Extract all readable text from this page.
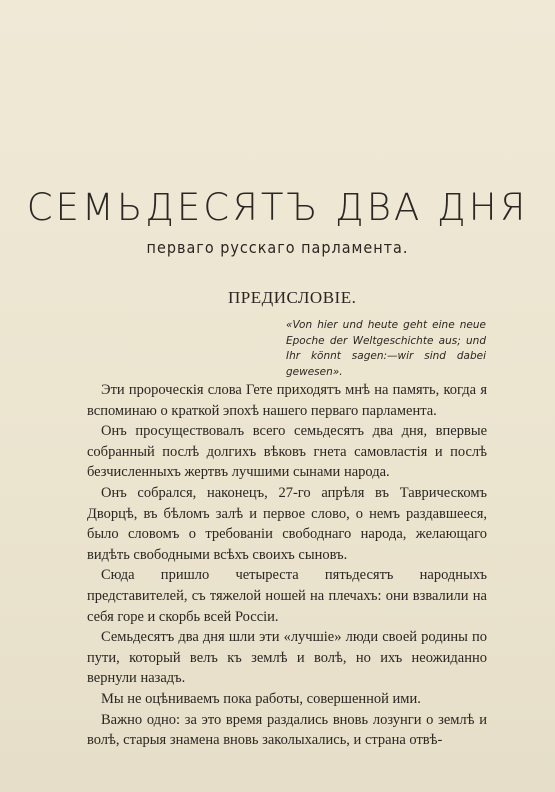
СЕМЬДЕСЯТЪ ДВА ДНЯ
перваго русскаго парламента.
ПРЕДИСЛОВІЕ.
«Von hier und heute geht eine neue Epoche der Weltgeschichte aus; und Ihr könnt sagen:—wir sind dabei gewesen».

Эти пророческія слова Гете приходятъ мнѣ на память, когда я вспоминаю о краткой эпохѣ нашего перваго парламента.

Онъ просуществовалъ всего семьдесятъ два дня, впервые собранный послѣ долгихъ вѣковъ гнета самовластія и послѣ безчисленныхъ жертвъ лучшими сынами народа.

Онъ собрался, наконецъ, 27-го апрѣля въ Таврическомъ Дворцѣ, въ бѣломъ залѣ и первое слово, о немъ раздавшееся, было словомъ о требованіи свободнаго народа, желающаго видѣть свободными всѣхъ своихъ сыновъ.

Сюда пришло четыреста пятьдесятъ народныхъ представителей, съ тяжелой ношей на плечахъ: они взвалили на себя горе и скорбь всей Россіи.

Семьдесятъ два дня шли эти «лучшіе» люди своей родины по пути, который велъ къ землѣ и волѣ, но ихъ неожиданно вернули назадъ.

Мы не оцѣниваемъ пока работы, совершенной ими.

Важно одно: за это время раздались вновь лозунги о землѣ и волѣ, старыя знамена вновь заколыхались, и страна отвѣ-
